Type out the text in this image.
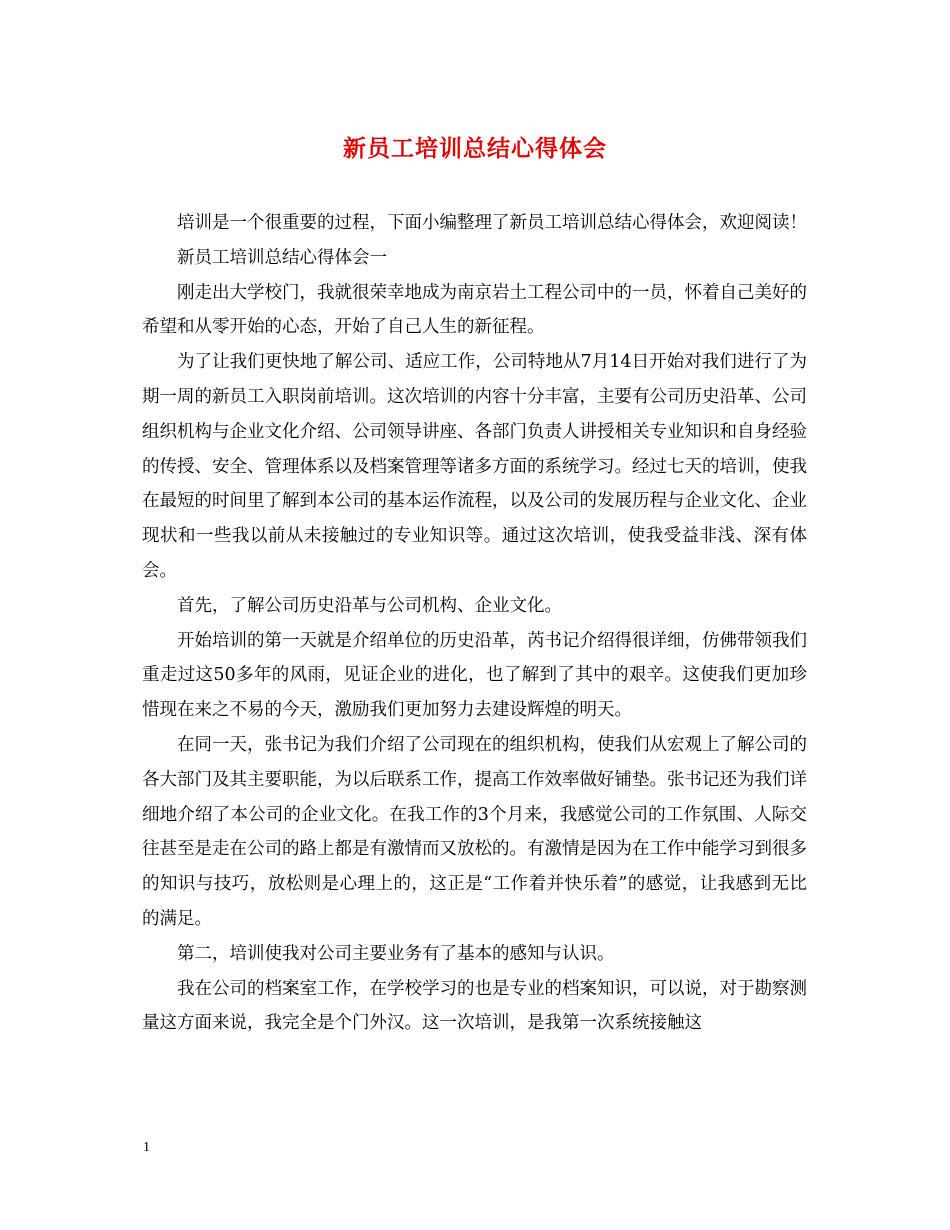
新员工培训总结心得体会

培训是一个很重要的过程，下面小编整理了新员工培训总结心得体会，欢迎阅读！

新员工培训总结心得体会一

刚走出大学校门，我就很荣幸地成为南京岩土工程公司中的一员，怀着自己美好的希望和从零开始的心态，开始了自己人生的新征程。

为了让我们更快地了解公司、适应工作，公司特地从7月14日开始对我们进行了为期一周的新员工入职岗前培训。这次培训的内容十分丰富，主要有公司历史沿革、公司组织机构与企业文化介绍、公司领导讲座、各部门负责人讲授相关专业知识和自身经验的传授、安全、管理体系以及档案管理等诸多方面的系统学习。经过七天的培训，使我在最短的时间里了解到本公司的基本运作流程，以及公司的发展历程与企业文化、企业现状和一些我以前从未接触过的专业知识等。通过这次培训，使我受益非浅、深有体会。

首先，了解公司历史沿革与公司机构、企业文化。

开始培训的第一天就是介绍单位的历史沿革，芮书记介绍得很详细，仿佛带领我们重走过这50多年的风雨，见证企业的进化，也了解到了其中的艰辛。这使我们更加珍惜现在来之不易的今天，激励我们更加努力去建设辉煌的明天。

在同一天，张书记为我们介绍了公司现在的组织机构，使我们从宏观上了解公司的各大部门及其主要职能，为以后联系工作，提高工作效率做好铺垫。张书记还为我们详细地介绍了本公司的企业文化。在我工作的3个月来，我感觉公司的工作氛围、人际交往甚至是走在公司的路上都是有激情而又放松的。有激情是因为在工作中能学习到很多的知识与技巧，放松则是心理上的，这正是“工作着并快乐着”的感觉，让我感到无比的满足。

第二，培训使我对公司主要业务有了基本的感知与认识。

我在公司的档案室工作，在学校学习的也是专业的档案知识，可以说，对于勘察测量这方面来说，我完全是个门外汉。这一次培训，是我第一次系统接触这

1
